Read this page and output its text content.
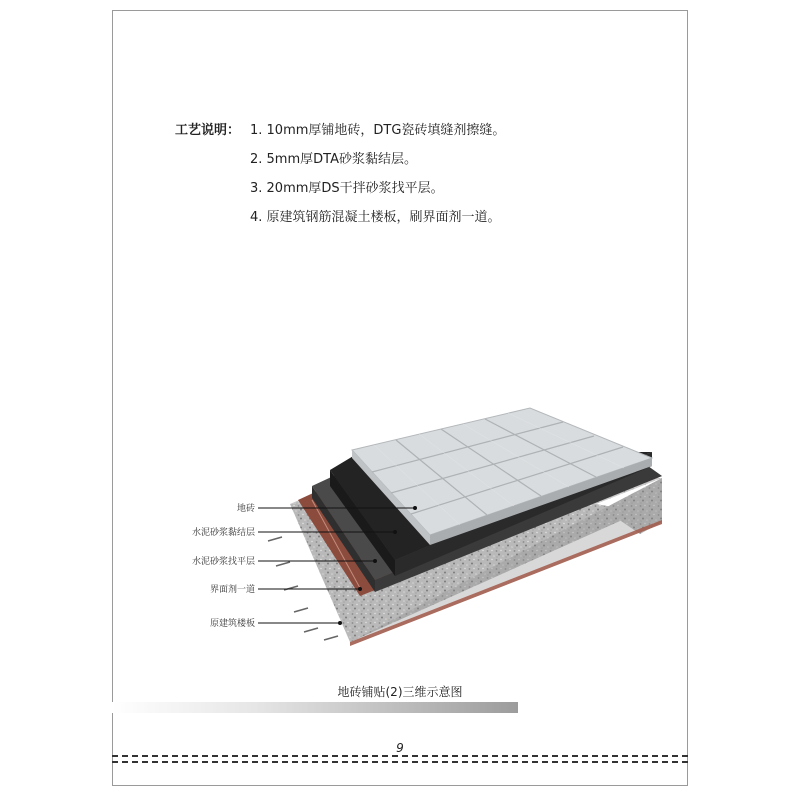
工艺说明： 1. 10mm厚铺地砖，DTG瓷砖填缝剂擦缝。
2. 5mm厚DTA砂浆黏结层。
3. 20mm厚DS干拌砂浆找平层。
4. 原建筑钢筋混凝土楼板，刷界面剂一道。
地砖
水泥砂浆黏结层
水泥砂浆找平层
界面剂一道
原建筑楼板
地砖铺贴(2)三维示意图
9
